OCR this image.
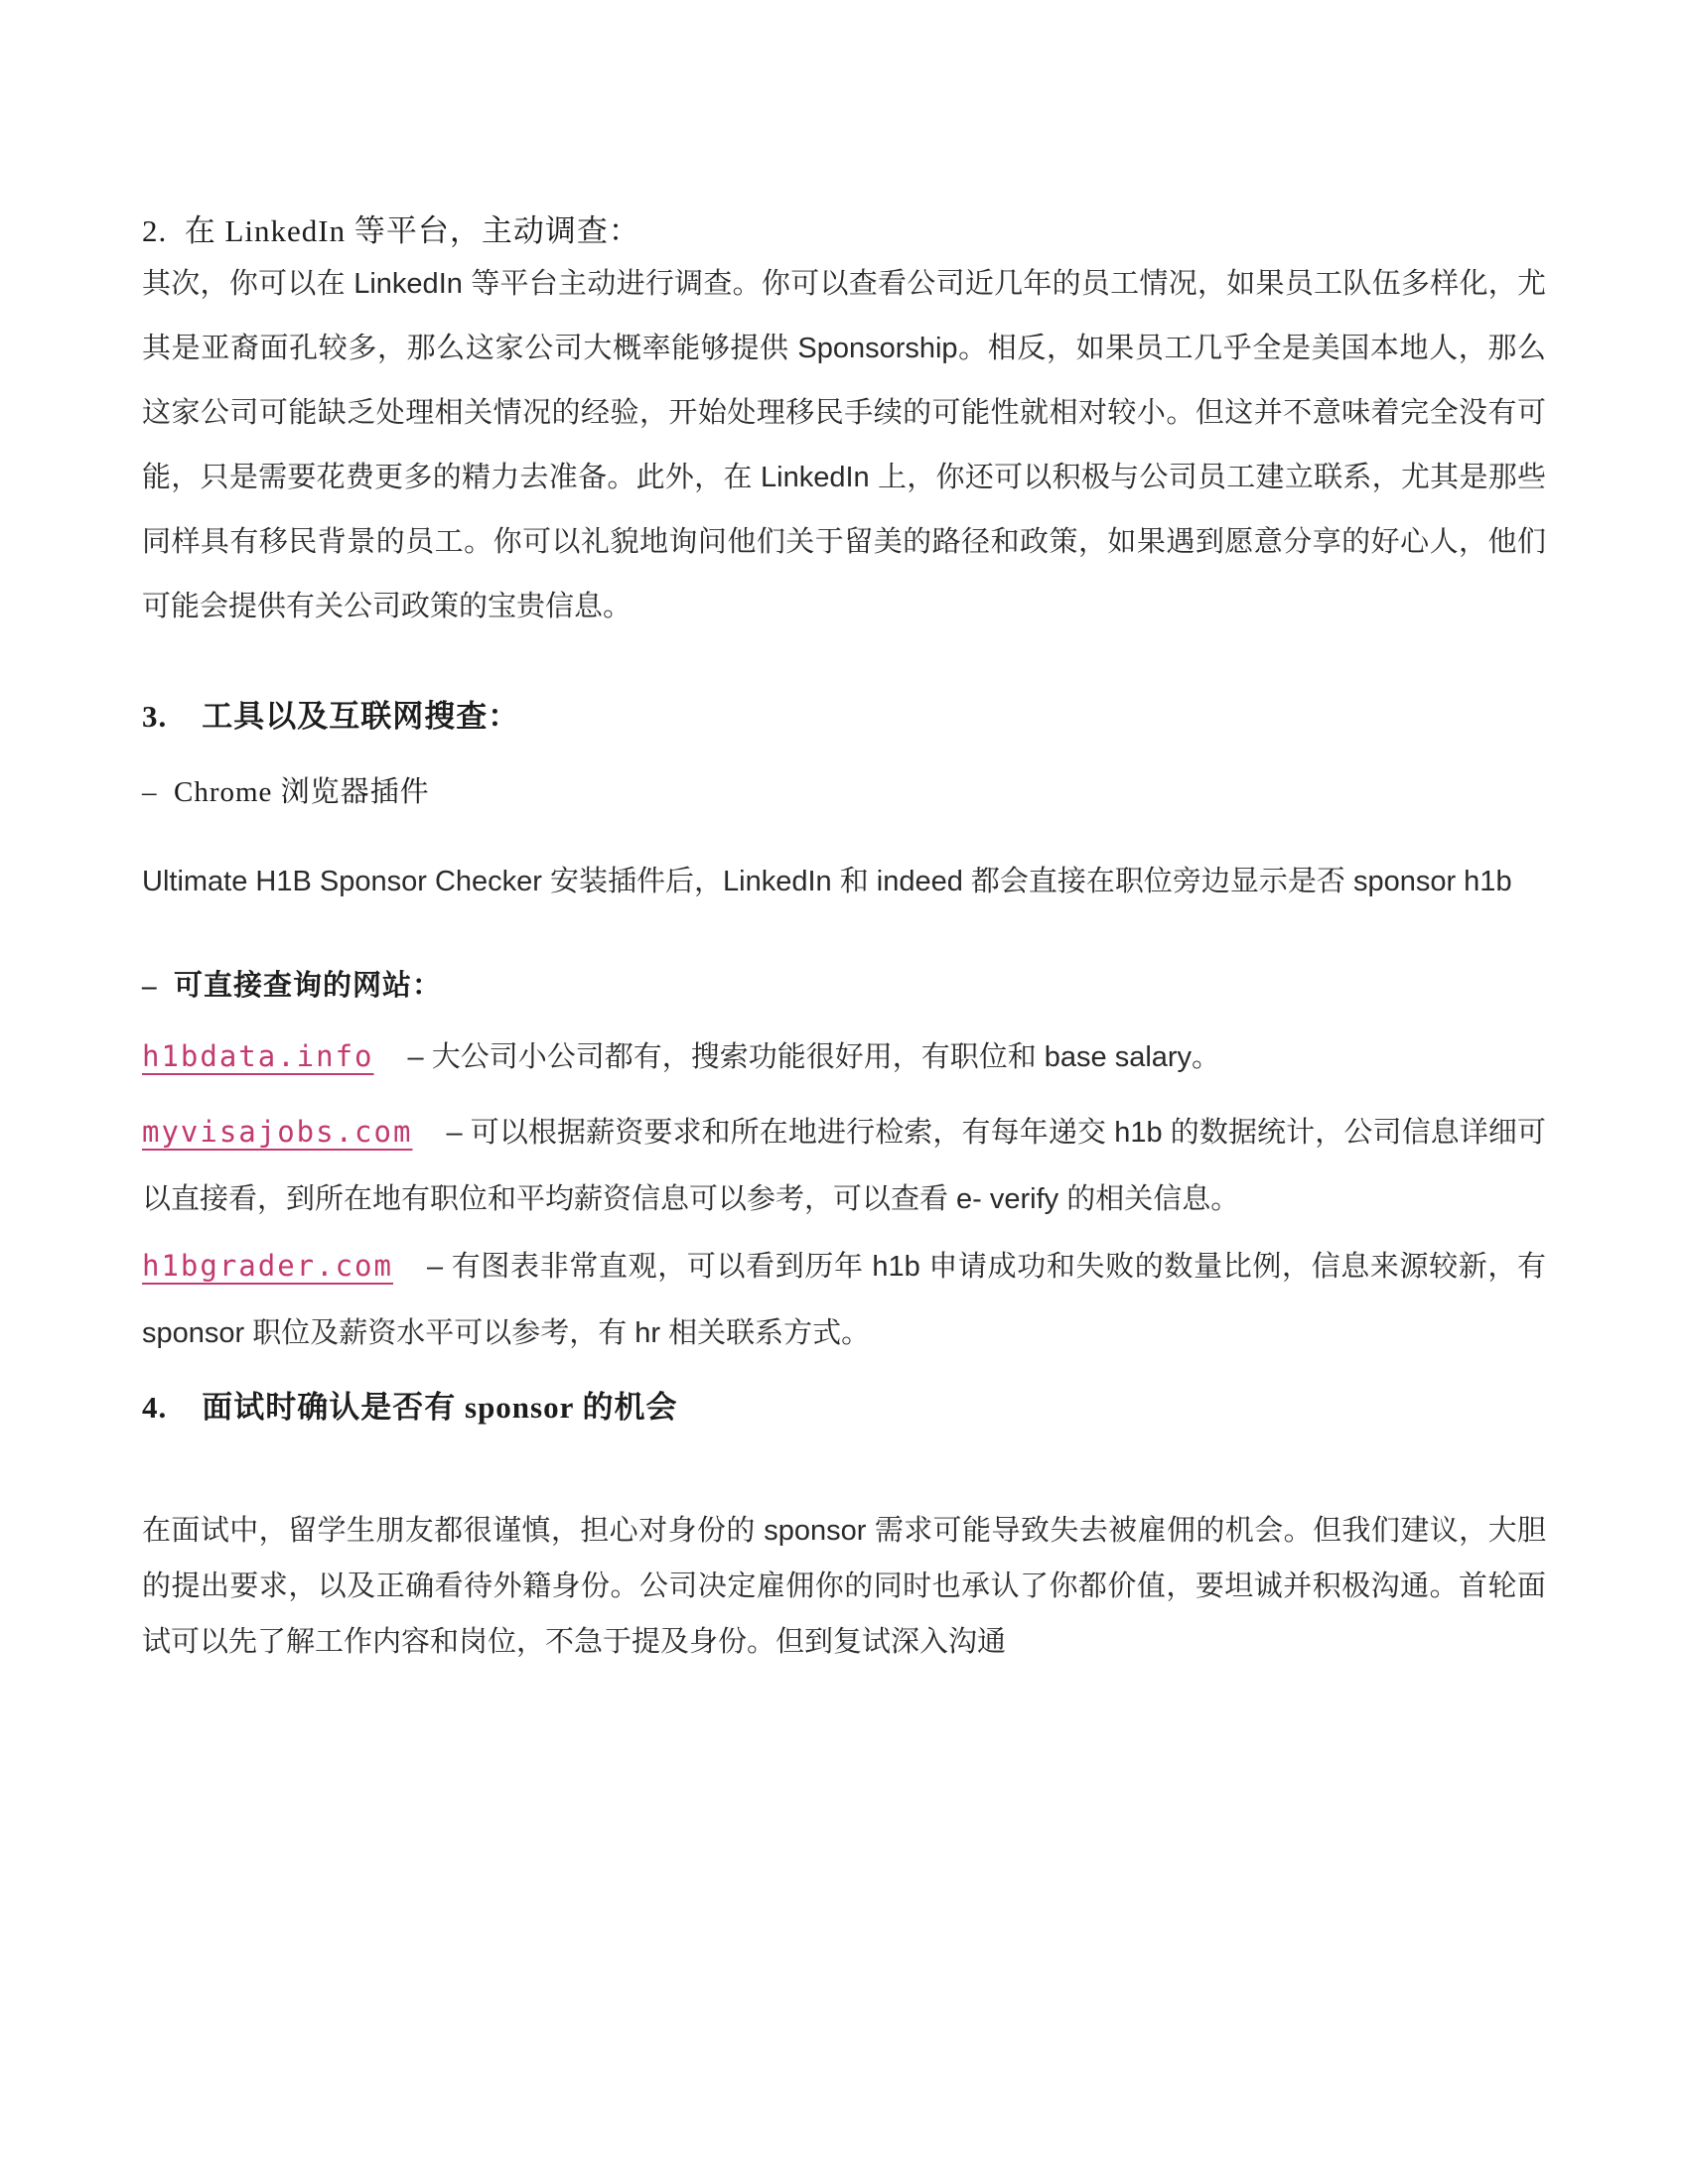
2.  在 LinkedIn 等平台，主动调查：

其次，你可以在 LinkedIn 等平台主动进行调查。你可以查看公司近几年的员工情况，如果员工队伍多样化，尤其是亚裔面孔较多，那么这家公司大概率能够提供 Sponsorship。相反，如果员工几乎全是美国本地人，那么这家公司可能缺乏处理相关情况的经验，开始处理移民手续的可能性就相对较小。但这并不意味着完全没有可能，只是需要花费更多的精力去准备。此外，在 LinkedIn 上，你还可以积极与公司员工建立联系，尤其是那些同样具有移民背景的员工。你可以礼貌地询问他们关于留美的路径和政策，如果遇到愿意分享的好心人，他们可能会提供有关公司政策的宝贵信息。

3.    工具以及互联网搜查：

–  Chrome 浏览器插件

Ultimate H1B Sponsor Checker 安装插件后，LinkedIn 和 indeed 都会直接在职位旁边显示是否 sponsor h1b

–  可直接查询的网站：

h1bdata.info – 大公司小公司都有，搜索功能很好用，有职位和 base salary。

myvisajobs.com – 可以根据薪资要求和所在地进行检索，有每年递交 h1b 的数据统计，公司信息详细可以直接看，到所在地有职位和平均薪资信息可以参考，可以查看 e- verify 的相关信息。

h1bgrader.com – 有图表非常直观，可以看到历年 h1b 申请成功和失败的数量比例，信息来源较新，有 sponsor 职位及薪资水平可以参考，有 hr 相关联系方式。

4.    面试时确认是否有 sponsor 的机会

在面试中，留学生朋友都很谨慎，担心对身份的 sponsor 需求可能导致失去被雇佣的机会。但我们建议，大胆的提出要求，以及正确看待外籍身份。公司决定雇佣你的同时也承认了你都价值，要坦诚并积极沟通。首轮面试可以先了解工作内容和岗位，不急于提及身份。但到复试深入沟通
